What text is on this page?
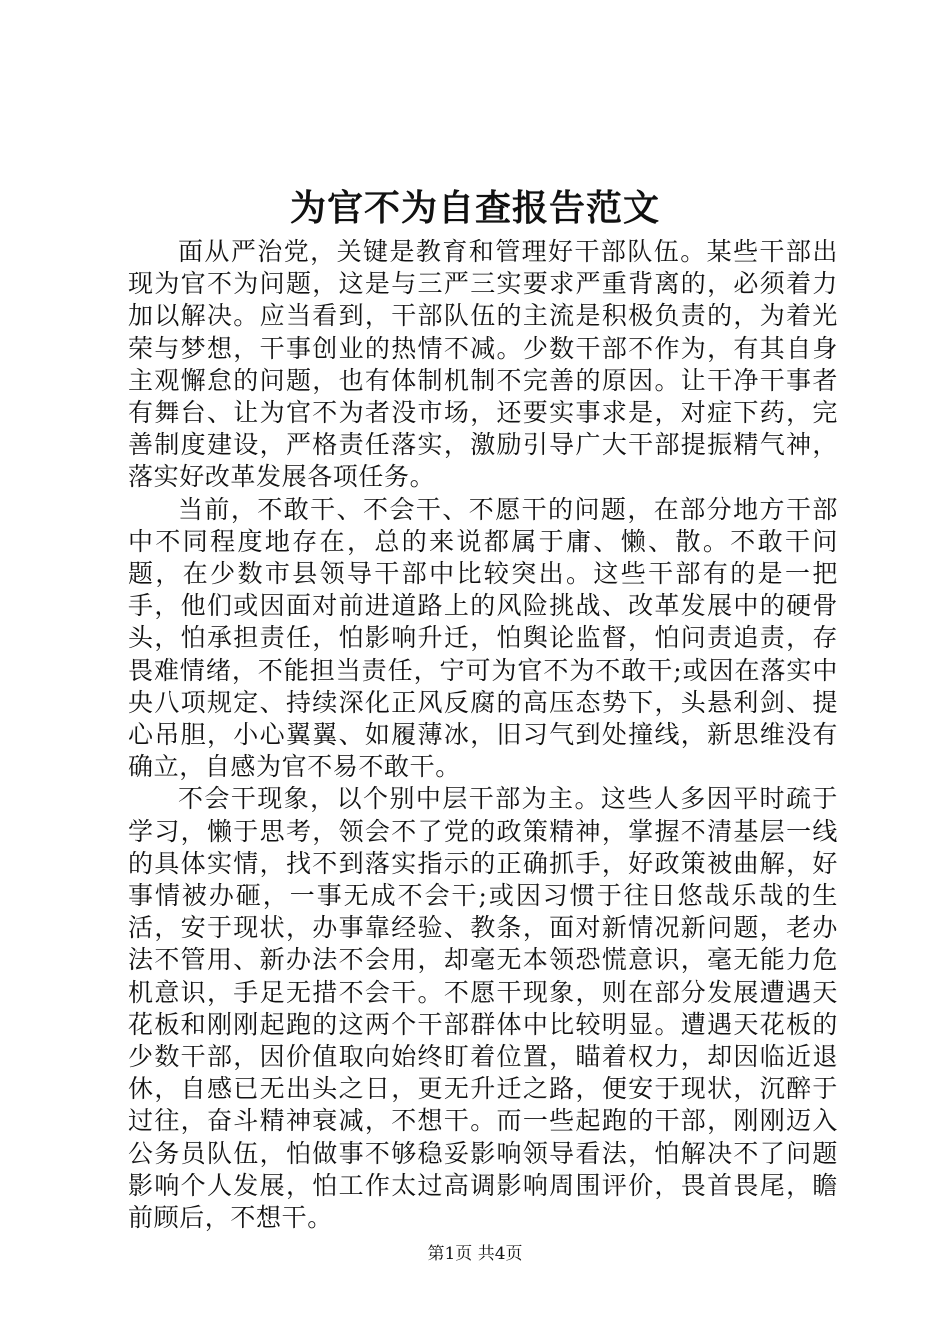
为官不为自查报告范文

面从严治党，关键是教育和管理好干部队伍。某些干部出现为官不为问题，这是与三严三实要求严重背离的，必须着力加以解决。应当看到，干部队伍的主流是积极负责的，为着光荣与梦想，干事创业的热情不减。少数干部不作为，有其自身主观懈怠的问题，也有体制机制不完善的原因。让干净干事者有舞台、让为官不为者没市场，还要实事求是，对症下药，完善制度建设，严格责任落实，激励引导广大干部提振精气神，落实好改革发展各项任务。

当前，不敢干、不会干、不愿干的问题，在部分地方干部中不同程度地存在，总的来说都属于庸、懒、散。不敢干问题，在少数市县领导干部中比较突出。这些干部有的是一把手，他们或因面对前进道路上的风险挑战、改革发展中的硬骨头，怕承担责任，怕影响升迁，怕舆论监督，怕问责追责，存畏难情绪，不能担当责任，宁可为官不为不敢干;或因在落实中央八项规定、持续深化正风反腐的高压态势下，头悬利剑、提心吊胆，小心翼翼、如履薄冰，旧习气到处撞线，新思维没有确立，自感为官不易不敢干。

不会干现象，以个别中层干部为主。这些人多因平时疏于学习，懒于思考，领会不了党的政策精神，掌握不清基层一线的具体实情，找不到落实指示的正确抓手，好政策被曲解，好事情被办砸，一事无成不会干;或因习惯于往日悠哉乐哉的生活，安于现状，办事靠经验、教条，面对新情况新问题，老办法不管用、新办法不会用，却毫无本领恐慌意识，毫无能力危机意识，手足无措不会干。不愿干现象，则在部分发展遭遇天花板和刚刚起跑的这两个干部群体中比较明显。遭遇天花板的少数干部，因价值取向始终盯着位置，瞄着权力，却因临近退休，自感已无出头之日，更无升迁之路，便安于现状，沉醉于过往，奋斗精神衰减，不想干。而一些起跑的干部，刚刚迈入公务员队伍，怕做事不够稳妥影响领导看法，怕解决不了问题影响个人发展，怕工作太过高调影响周围评价，畏首畏尾，瞻前顾后，不想干。

第1页 共4页
